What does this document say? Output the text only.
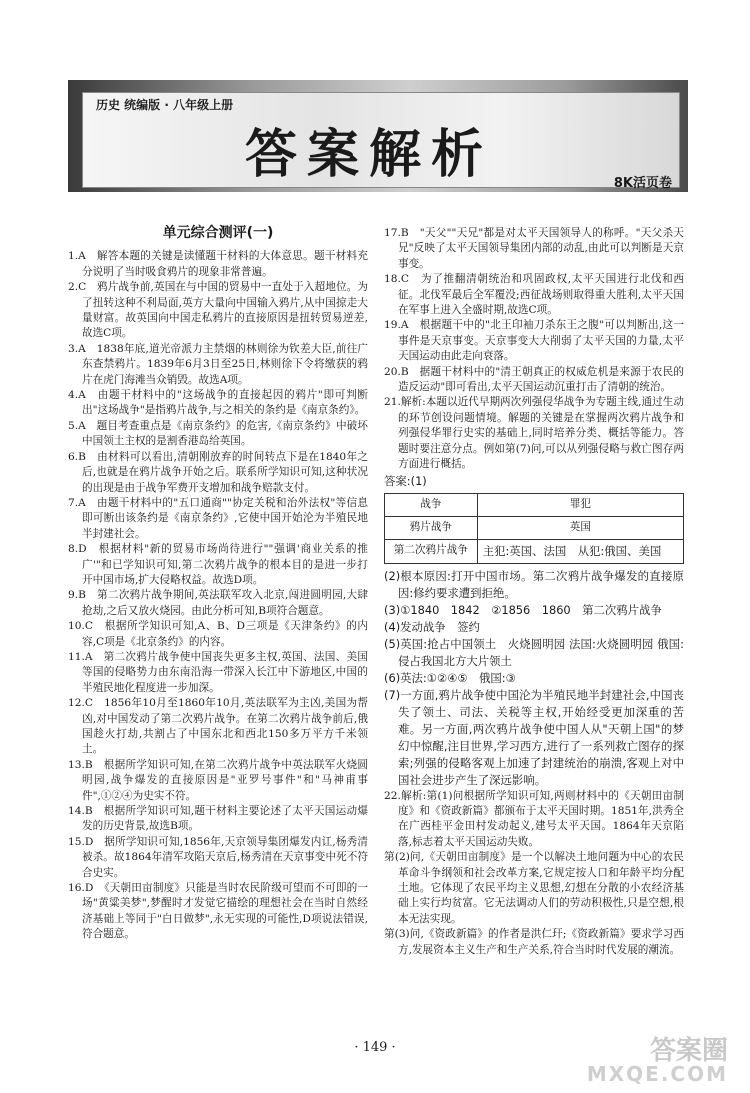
历史 统编版 · 八年级上册
答案解析	8K活页卷
单元综合测评(一)

1.A　解答本题的关键是读懂题干材料的大体意思。题干材料充分说明了当时吸食鸦片的现象非常普遍。

2.C　鸦片战争前,英国在与中国的贸易中一直处于入超地位。为了扭转这种不利局面,英方大量向中国输入鸦片,从中国掠走大量财富。故英国向中国走私鸦片的直接原因是扭转贸易逆差,故选C项。

3.A　1838年底,道光帝派力主禁烟的林则徐为钦差大臣,前往广东查禁鸦片。1839年6月3日至25日,林则徐下令将缴获的鸦片在虎门海滩当众销毁。故选A项。

4.A　由题干材料中的"这场战争的直接起因的鸦片"即可判断出"这场战争"是指鸦片战争,与之相关的条约是《南京条约》。

5.A　题目考查重点是《南京条约》的危害,《南京条约》中破坏中国领土主权的是割香港岛给英国。

6.B　由材料可以看出,清朝刚放弃的时间转点下是在1840年之后,也就是在鸦片战争开始之后。联系所学知识可知,这种状况的出现是由于战争军费开支增加和战争赔款支付。

7.A　由题干材料中的"五口通商""协定关税和治外法权"等信息即可断出该条约是《南京条约》,它使中国开始沦为半殖民地半封建社会。

8.D　根据材料"新的贸易市场尚待进行""强调'商业关系的推广'"和已学知识可知,第二次鸦片战争的根本目的是进一步打开中国市场,扩大侵略权益。故选D项。

9.B　第二次鸦片战争期间,英法联军攻入北京,闯进圆明园,大肆抢劫,之后又放火烧园。由此分析可知,B项符合题意。

10.C　根据所学知识可知,A、B、D三项是《天津条约》的内容,C项是《北京条约》的内容。

11.A　第二次鸦片战争使中国丧失更多主权,英国、法国、美国等国的侵略势力由东南沿海一带深入长江中下游地区,中国的半殖民地化程度进一步加深。

12.C　1856年10月至1860年10月,英法联军为主凶,美国为帮凶,对中国发动了第二次鸦片战争。在第二次鸦片战争前后,俄国趁火打劫,共割占了中国东北和西北150多万平方千米领土。

13.B　根据所学知识可知,在第二次鸦片战争中英法联军火烧圆明园,战争爆发的直接原因是"亚罗号事件"和"马神甫事件",①②④为史实不符。

14.B　根据所学知识可知,题干材料主要论述了太平天国运动爆发的历史背景,故选B项。

15.D　据所学知识可知,1856年,天京领导集团爆发内讧,杨秀清被杀。故1864年清军攻陷天京后,杨秀清在天京事变中死不符合史实。

16.D　《天朝田亩制度》只能是当时农民阶级可望而不可即的一场"黄粱美梦",梦醒时才发觉它描绘的理想社会在当时自然经济基础上等同于"白日做梦",永无实现的可能性,D项说法错误,符合题意。

17.B　"天父""天兄"都是对太平天国领导人的称呼。"天父杀天兄"反映了太平天国领导集团内部的动乱,由此可以判断是天京事变。

18.C　为了推翻清朝统治和巩固政权,太平天国进行北伐和西征。北伐军最后全军覆没;西征战场则取得重大胜利,太平天国在军事上进入全盛时期,故选C项。

19.A　根据题干中的"北王印袖刀杀东王之腹"可以判断出,这一事件是天京事变。天京事变大大削弱了太平天国的力量,太平天国运动由此走向衰落。

20.B　据题干材料中的"清王朝真正的权威危机是来源于农民的造反运动"即可看出,太平天国运动沉重打击了清朝的统治。

21.解析:本题以近代早期两次列强侵华战争为专题主线,通过生动的环节创设问题情境。解题的关键是在掌握两次鸦片战争和列强侵华罪行史实的基础上,同时培养分类、概括等能力。答题时要注意分点。例如第(7)问,可以从列强侵略与救亡图存两方面进行概括。

答案:(1)
战争	罪犯
鸦片战争	英国
第二次鸦片战争	主犯:英国、法国　从犯:俄国、美国

(2)根本原因:打开中国市场。第二次鸦片战争爆发的直接原因:修约要求遭到拒绝。

(3)①1840　1842　②1856　1860　第二次鸦片战争

(4)发动战争　签约

(5)英国:抢占中国领土　火烧圆明园 法国:火烧圆明园 俄国:侵占我国北方大片领土

(6)英法:①②④⑤　俄国:③

(7)一方面,鸦片战争使中国沦为半殖民地半封建社会,中国丧失了领土、司法、关税等主权,开始经受更加深重的苦难。另一方面,两次鸦片战争使中国人从"天朝上国"的梦幻中惊醒,注目世界,学习西方,进行了一系列救亡图存的探索;列强的侵略客观上加速了封建统治的崩溃,客观上对中国社会进步产生了深远影响。

22.解析:第(1)问根据所学知识可知,两则材料中的《天朝田亩制度》和《资政新篇》都颁布于太平天国时期。1851年,洪秀全在广西桂平金田村发动起义,建号太平天国。1864年天京陷落,标志着太平天国运动失败。

第(2)问,《天朝田亩制度》是一个以解决土地问题为中心的农民革命斗争纲领和社会改革方案,它规定按人口和年龄平均分配土地。它体现了农民平均主义思想,幻想在分散的小农经济基础上实行均贫富。它无法调动人们的劳动积极性,只是空想,根本无法实现。

第(3)问,《资政新篇》的作者是洪仁玕;《资政新篇》要求学习西方,发展资本主义生产和生产关系,符合当时时代发展的潮流。

· 149 ·	答案圈
MXQE.COM
